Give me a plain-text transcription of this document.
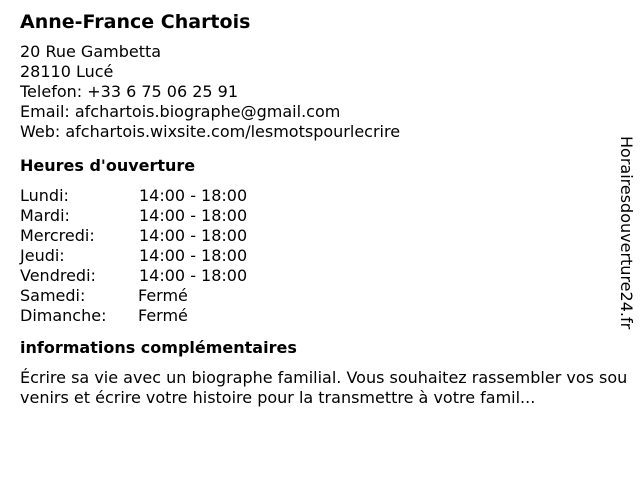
Anne-France Chartois
20 Rue Gambetta
28110 Lucé
Telefon: +33 6 75 06 25 91
Email: afchartois.biographe@gmail.com
Web: afchartois.wixsite.com/lesmotspourlecrire
Heures d'ouverture
Lundi:	14:00 - 18:00
Mardi:	14:00 - 18:00
Mercredi:	14:00 - 18:00
Jeudi:	14:00 - 18:00
Vendredi:	14:00 - 18:00
Samedi:	Fermé
Dimanche: Fermé
informations complémentaires

Écrire sa vie avec un biographe familial. Vous souhaitez rassembler vos souvenirs et écrire votre histoire pour la transmettre à votre famil...

Horairesdouverture24.fr
